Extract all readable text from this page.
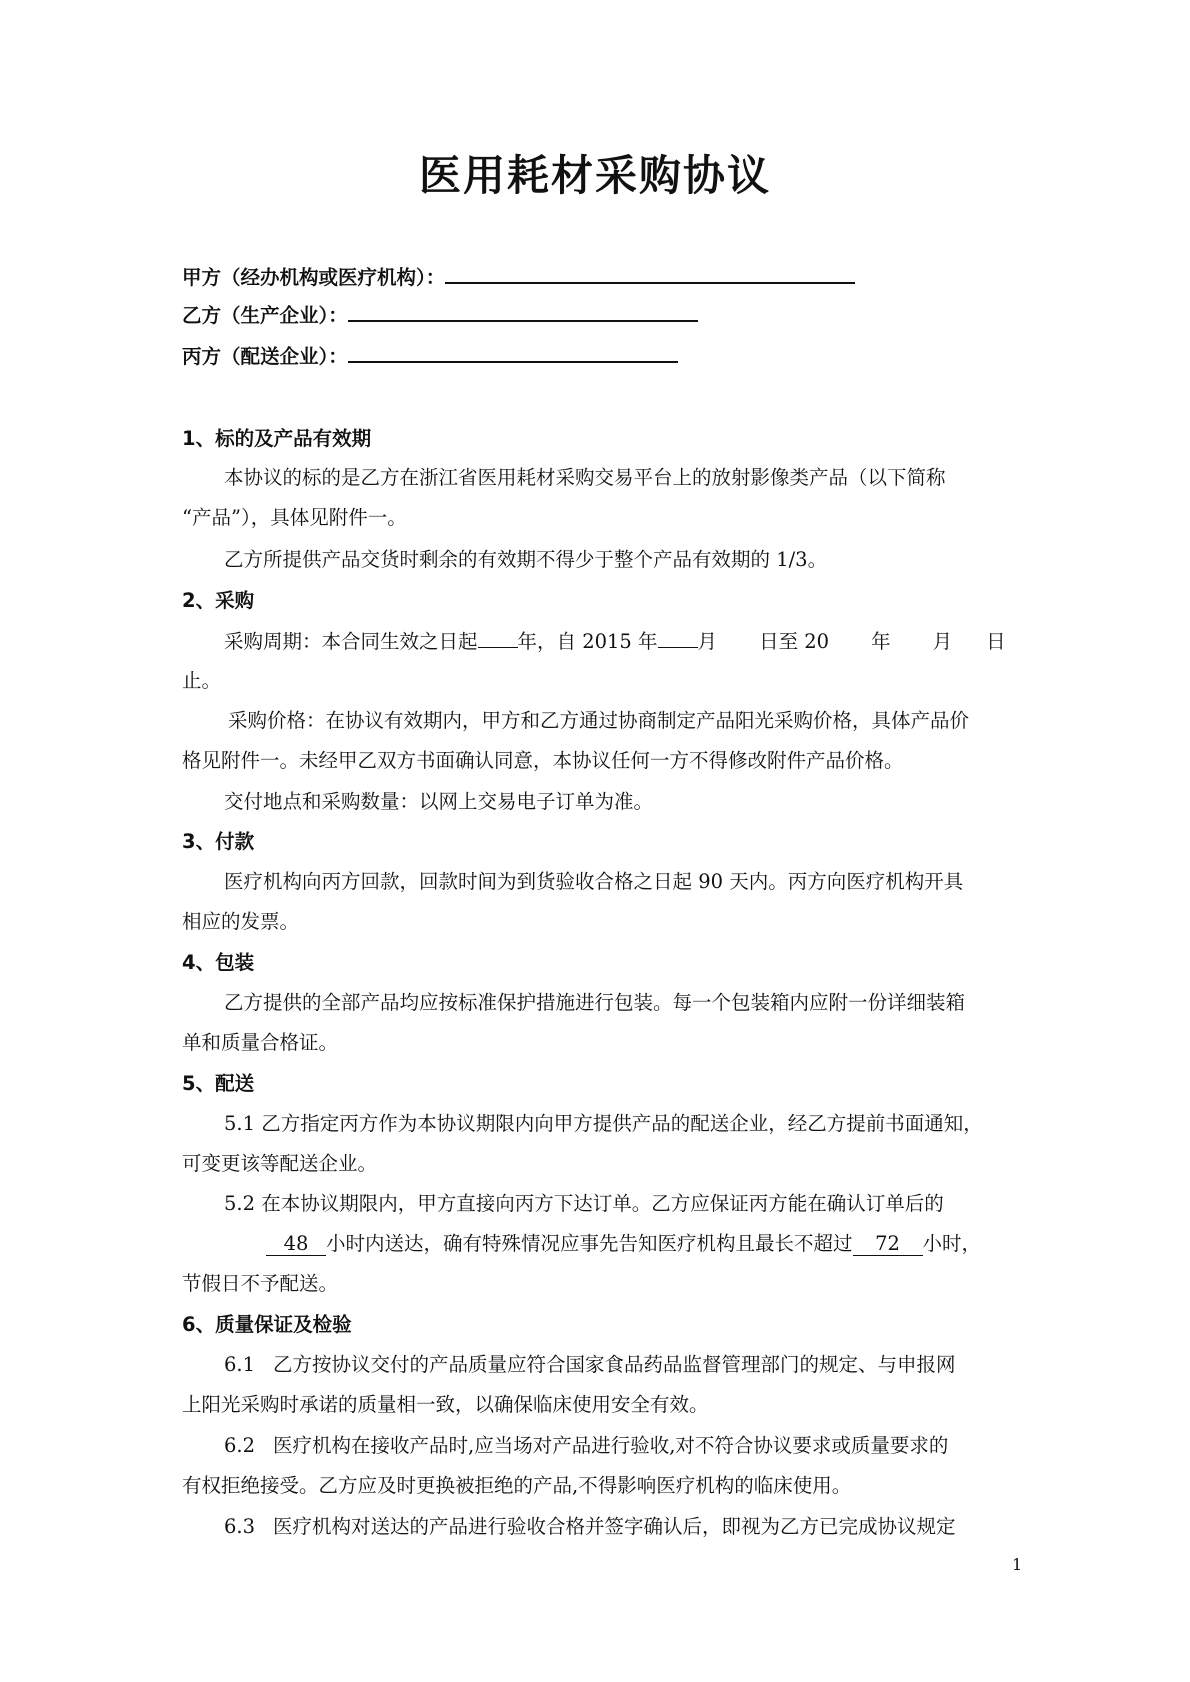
医用耗材采购协议
甲方（经办机构或医疗机构）：
乙方（生产企业）：
丙方（配送企业）：
1、标的及产品有效期
本协议的标的是乙方在浙江省医用耗材采购交易平台上的放射影像类产品（以下简称
“产品”），具体见附件一。
乙方所提供产品交货时剩余的有效期不得少于整个产品有效期的 1/3。
2、采购
采购周期：本合同生效之日起 年，自 2015 年 月 日至 20 年 月 日
止。
采购价格：在协议有效期内，甲方和乙方通过协商制定产品阳光采购价格，具体产品价
格见附件一。未经甲乙双方书面确认同意，本协议任何一方不得修改附件产品价格。
交付地点和采购数量：以网上交易电子订单为准。
3、付款
医疗机构向丙方回款，回款时间为到货验收合格之日起 90 天内。丙方向医疗机构开具
相应的发票。
4、包装
乙方提供的全部产品均应按标准保护措施进行包装。每一个包装箱内应附一份详细装箱
单和质量合格证。
5、配送
5.1 乙方指定丙方作为本协议期限内向甲方提供产品的配送企业，经乙方提前书面通知，
可变更该等配送企业。
5.2 在本协议期限内，甲方直接向丙方下达订单。乙方应保证丙方能在确认订单后的
48 小时内送达，确有特殊情况应事先告知医疗机构且最长不超过 72 小时，
节假日不予配送。
6、质量保证及检验
6.1 乙方按协议交付的产品质量应符合国家食品药品监督管理部门的规定、与申报网
上阳光采购时承诺的质量相一致，以确保临床使用安全有效。
6.2 医疗机构在接收产品时,应当场对产品进行验收,对不符合协议要求或质量要求的
有权拒绝接受。乙方应及时更换被拒绝的产品,不得影响医疗机构的临床使用。
6.3 医疗机构对送达的产品进行验收合格并签字确认后，即视为乙方已完成协议规定
1
